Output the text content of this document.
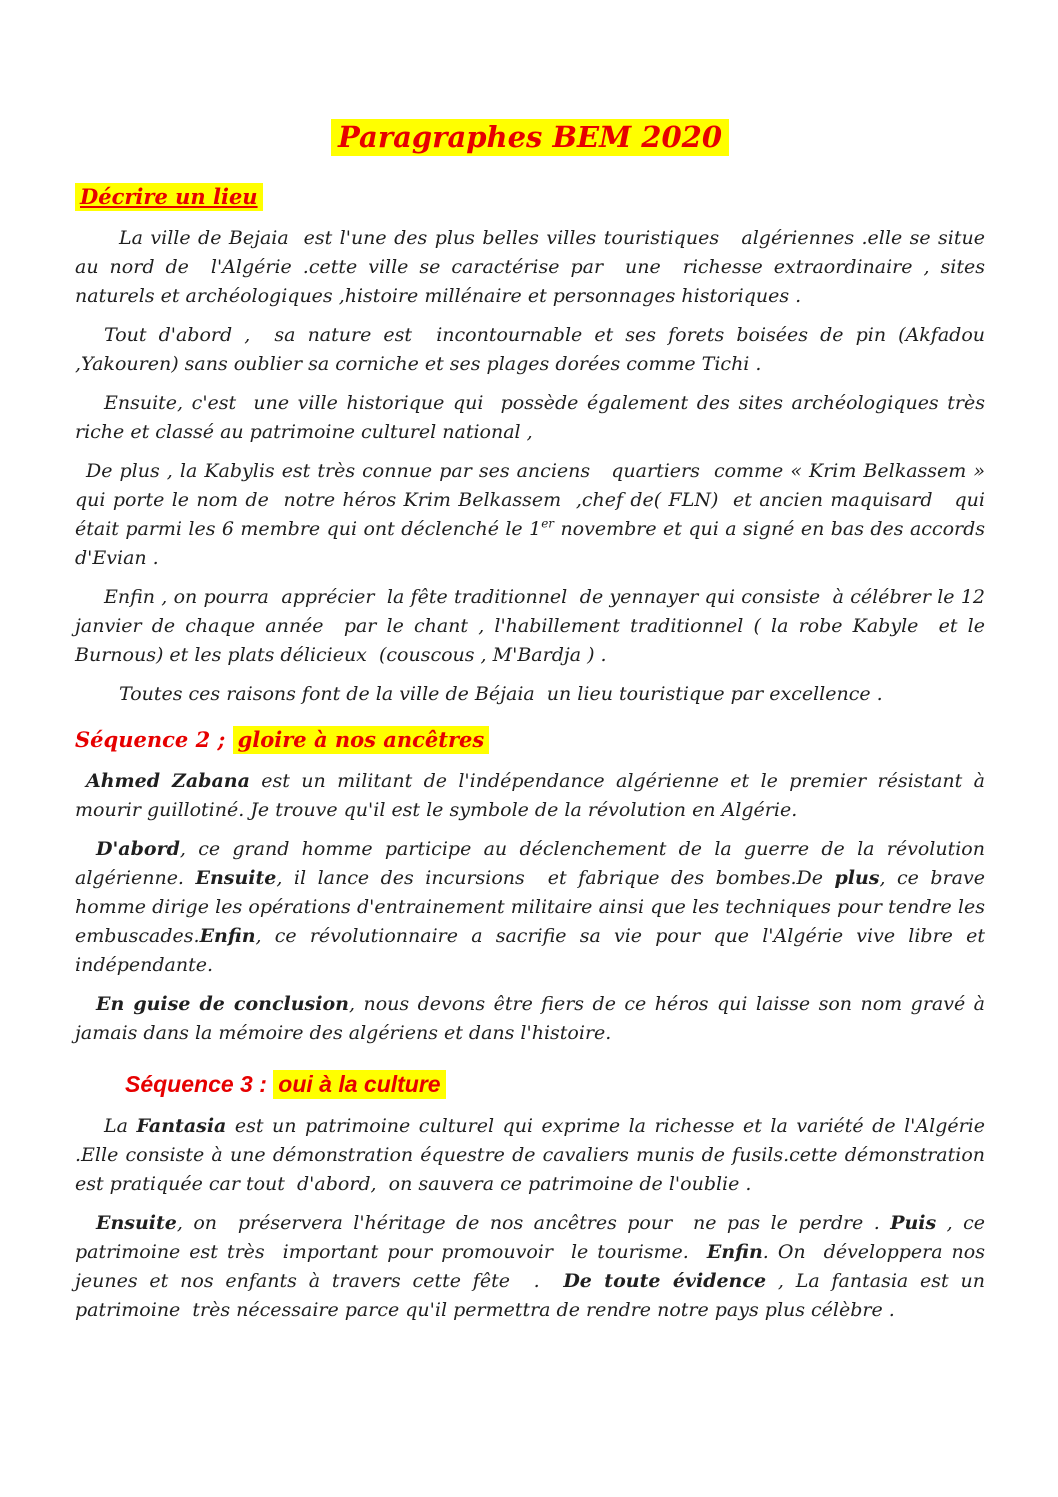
Paragraphes BEM 2020
Décrire un lieu

La ville de Bejaia  est l'une des plus belles villes touristiques   algériennes .elle se situe au nord de  l'Algérie .cette ville se caractérise par  une  richesse extraordinaire , sites naturels et archéologiques ,histoire millénaire et personnages historiques .

Tout d'abord ,  sa nature est  incontournable et ses forets boisées de pin (Akfadou  ,Yakouren) sans oublier sa corniche et ses plages dorées comme Tichi .

Ensuite, c'est  une ville historique qui  possède également des sites archéologiques très riche et classé au patrimoine culturel national ,

De plus , la Kabylis est très connue par ses anciens   quartiers  comme « Krim Belkassem » qui porte le nom de  notre héros Krim Belkassem  ,chef de( FLN)  et ancien maquisard   qui était parmi les 6 membre qui ont déclenché le 1er novembre et qui a signé en bas des accords d'Evian .

Enfin , on pourra  apprécier  la fête traditionnel  de yennayer qui consiste  à célébrer le 12 janvier de chaque année  par le chant , l'habillement traditionnel ( la robe Kabyle  et le Burnous) et les plats délicieux  (couscous , M'Bardja ) .

Toutes ces raisons font de la ville de Béjaia  un lieu touristique par excellence .

Séquence 2 ; gloire à nos ancêtres

Ahmed Zabana est un militant de l'indépendance algérienne et le premier résistant à mourir guillotiné. Je trouve qu'il est le symbole de la révolution en Algérie.

D'abord, ce grand homme participe au déclenchement de la guerre de la révolution algérienne. Ensuite, il lance des incursions  et fabrique des bombes.De plus, ce brave homme dirige les opérations d'entrainement militaire ainsi que les techniques pour tendre les embuscades.Enfin, ce révolutionnaire a sacrifie sa vie pour que l'Algérie vive libre et indépendante.

En guise de conclusion, nous devons être fiers de ce héros qui laisse son nom gravé à jamais dans la mémoire des algériens et dans l'histoire.

Séquence 3 : oui à la culture

La Fantasia est un patrimoine culturel qui exprime la richesse et la variété de l'Algérie   .Elle consiste à une démonstration équestre de cavaliers munis de fusils.cette démonstration est pratiquée car tout  d'abord,  on sauvera ce patrimoine de l'oublie .

Ensuite, on  préservera l'héritage de nos ancêtres pour  ne pas le perdre . Puis , ce  patrimoine est très  important pour promouvoir  le tourisme.  Enfin. On  développera nos jeunes et nos enfants à travers cette fête  .  De toute évidence , La fantasia est un patrimoine  très nécessaire parce qu'il permettra de rendre notre pays plus célèbre .
